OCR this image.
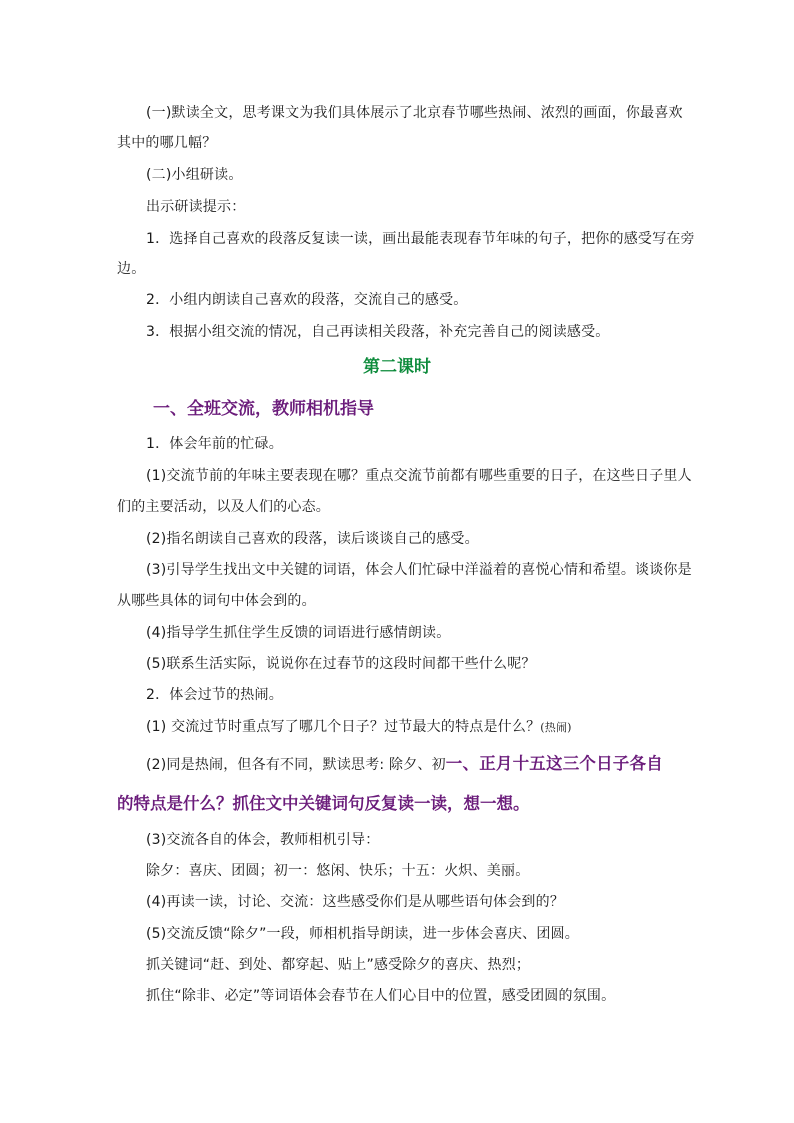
(一)默读全文，思考课文为我们具体展示了北京春节哪些热闹、浓烈的画面，你最喜欢
其中的哪几幅？
(二)小组研读。
出示研读提示：
1．选择自己喜欢的段落反复读一读，画出最能表现春节年味的句子，把你的感受写在旁
边。
2．小组内朗读自己喜欢的段落，交流自己的感受。
3．根据小组交流的情况，自己再读相关段落，补充完善自己的阅读感受。
第二课时
一、全班交流，教师相机指导
1．体会年前的忙碌。
(1)交流节前的年味主要表现在哪？重点交流节前都有哪些重要的日子，在这些日子里人
们的主要活动，以及人们的心态。
(2)指名朗读自己喜欢的段落，读后谈谈自己的感受。
(3)引导学生找出文中关键的词语，体会人们忙碌中洋溢着的喜悦心情和希望。谈谈你是
从哪些具体的词句中体会到的。
(4)指导学生抓住学生反馈的词语进行感情朗读。
(5)联系生活实际，说说你在过春节的这段时间都干些什么呢？
2．体会过节的热闹。
(1) 交流过节时重点写了哪几个日子？过节最大的特点是什么？(热闹)
(2)同是热闹，但各有不同，默读思考: 除夕、初一、正月十五这三个日子各自
的特点是什么？抓住文中关键词句反复读一读，想一想。
(3)交流各自的体会，教师相机引导：
除夕：喜庆、团圆；初一：悠闲、快乐；十五：火炽、美丽。
(4)再读一读，讨论、交流：这些感受你们是从哪些语句体会到的？
(5)交流反馈“除夕”一段，师相机指导朗读，进一步体会喜庆、团圆。
抓关键词“赶、到处、都穿起、贴上”感受除夕的喜庆、热烈；
抓住“除非、必定”等词语体会春节在人们心目中的位置，感受团圆的氛围。
